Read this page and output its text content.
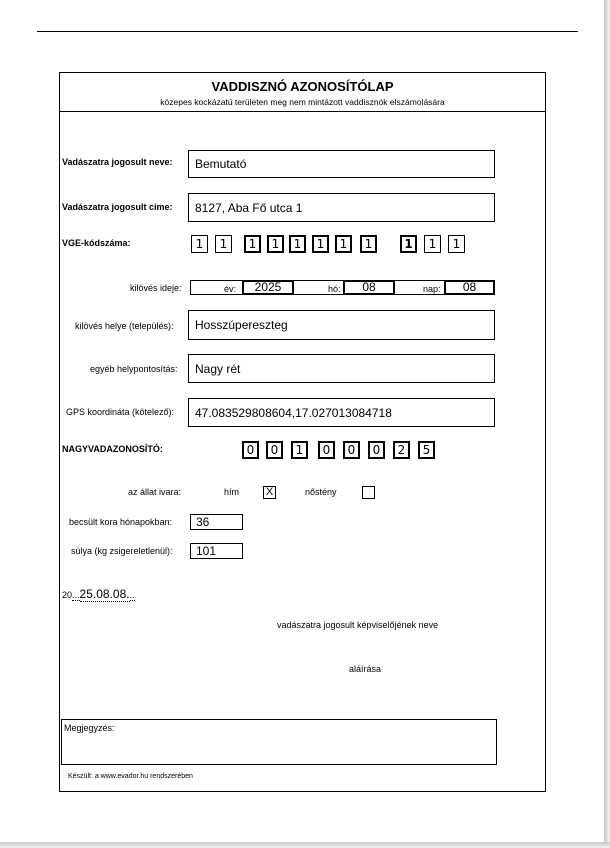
VADDISZNÓ AZONOSÍTÓLAP
közepes kockázatú területen meg nem mintázott vaddisznók elszámolására
Vadászatra jogosult neve:	Bemutató
Vadászatra jogosult címe:	8127, Aba Fő utca 1
VGE-kódszáma:	1	1	1	1	1	1	1	1	1	1	1
kilövés ideje:	év:	2025	hó:	08	nap:	08
kilövés helye (település):	Hosszúpereszteg
egyéb helypontosítás:	Nagy rét
GPS koordináta (kötelező):	47.083529808604,17.027013084718
NAGYVADAZONOSÍTÓ:	0	0	1	0	0	0	2	5
az állat ivara:	hím X	nőstény
becsült kora hónapokban:	36
súlya (kg zsigereletlenül):	101
20...25.08.08...
vadászatra jogosult képviselőjének neve
aláírása
Megjegyzés:
Készült: a www.evador.hu rendszerében
